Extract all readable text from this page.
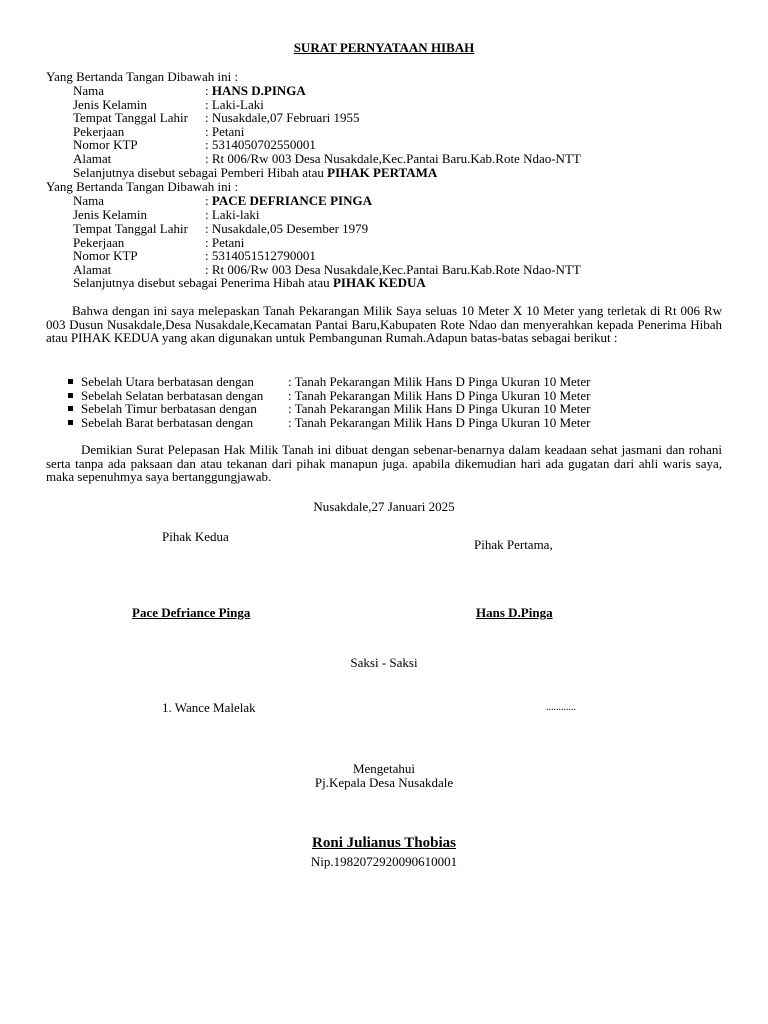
SURAT PERNYATAAN HIBAH
Yang Bertanda Tangan Dibawah ini :
Nama	: HANS D.PINGA
Jenis Kelamin	: Laki-Laki
Tempat Tanggal Lahir : Nusakdale,07 Februari 1955
Pekerjaan	: Petani
Nomor KTP	: 5314050702550001
Alamat	: Rt 006/Rw 003 Desa Nusakdale,Kec.Pantai Baru.Kab.Rote Ndao-NTT
Selanjutnya disebut sebagai Pemberi Hibah atau PIHAK PERTAMA
Yang Bertanda Tangan Dibawah ini :
Nama	: PACE DEFRIANCE PINGA
Jenis Kelamin	: Laki-laki
Tempat Tanggal Lahir : Nusakdale,05 Desember 1979
Pekerjaan	: Petani
Nomor KTP	: 5314051512790001
Alamat	: Rt 006/Rw 003 Desa Nusakdale,Kec.Pantai Baru.Kab.Rote Ndao-NTT
Selanjutnya disebut sebagai Penerima Hibah atau PIHAK KEDUA
Bahwa dengan ini saya melepaskan Tanah Pekarangan Milik Saya seluas 10 Meter X 10 Meter yang terletak di Rt 006 Rw 003 Dusun Nusakdale,Desa Nusakdale,Kecamatan Pantai Baru,Kabupaten Rote Ndao dan menyerahkan kepada Penerima Hibah atau PIHAK KEDUA yang akan digunakan untuk Pembangunan Rumah.Adapun batas-batas sebagai berikut :
Sebelah Utara berbatasan dengan	: Tanah Pekarangan Milik Hans D Pinga Ukuran 10 Meter
Sebelah Selatan berbatasan dengan : Tanah Pekarangan Milik Hans D Pinga Ukuran 10 Meter
Sebelah Timur berbatasan dengan : Tanah Pekarangan Milik Hans D Pinga Ukuran 10 Meter
Sebelah Barat berbatasan dengan	: Tanah Pekarangan Milik Hans D Pinga Ukuran 10 Meter
Demikian Surat Pelepasan Hak Milik Tanah ini dibuat dengan sebenar-benarnya dalam keadaan sehat jasmani dan rohani serta tanpa ada paksaan dan atau tekanan dari pihak manapun juga. apabila dikemudian hari ada gugatan dari ahli waris saya, maka sepenuhmya saya bertanggungjawab.
Nusakdale,27 Januari 2025
Pihak Kedua
Pihak Pertama,
Pace Defriance Pinga	Hans D.Pinga
Saksi - Saksi
1. Wance Malelak	............
Mengetahui
Pj.Kepala Desa Nusakdale
Roni Julianus Thobias
Nip.198207292009061000​1
